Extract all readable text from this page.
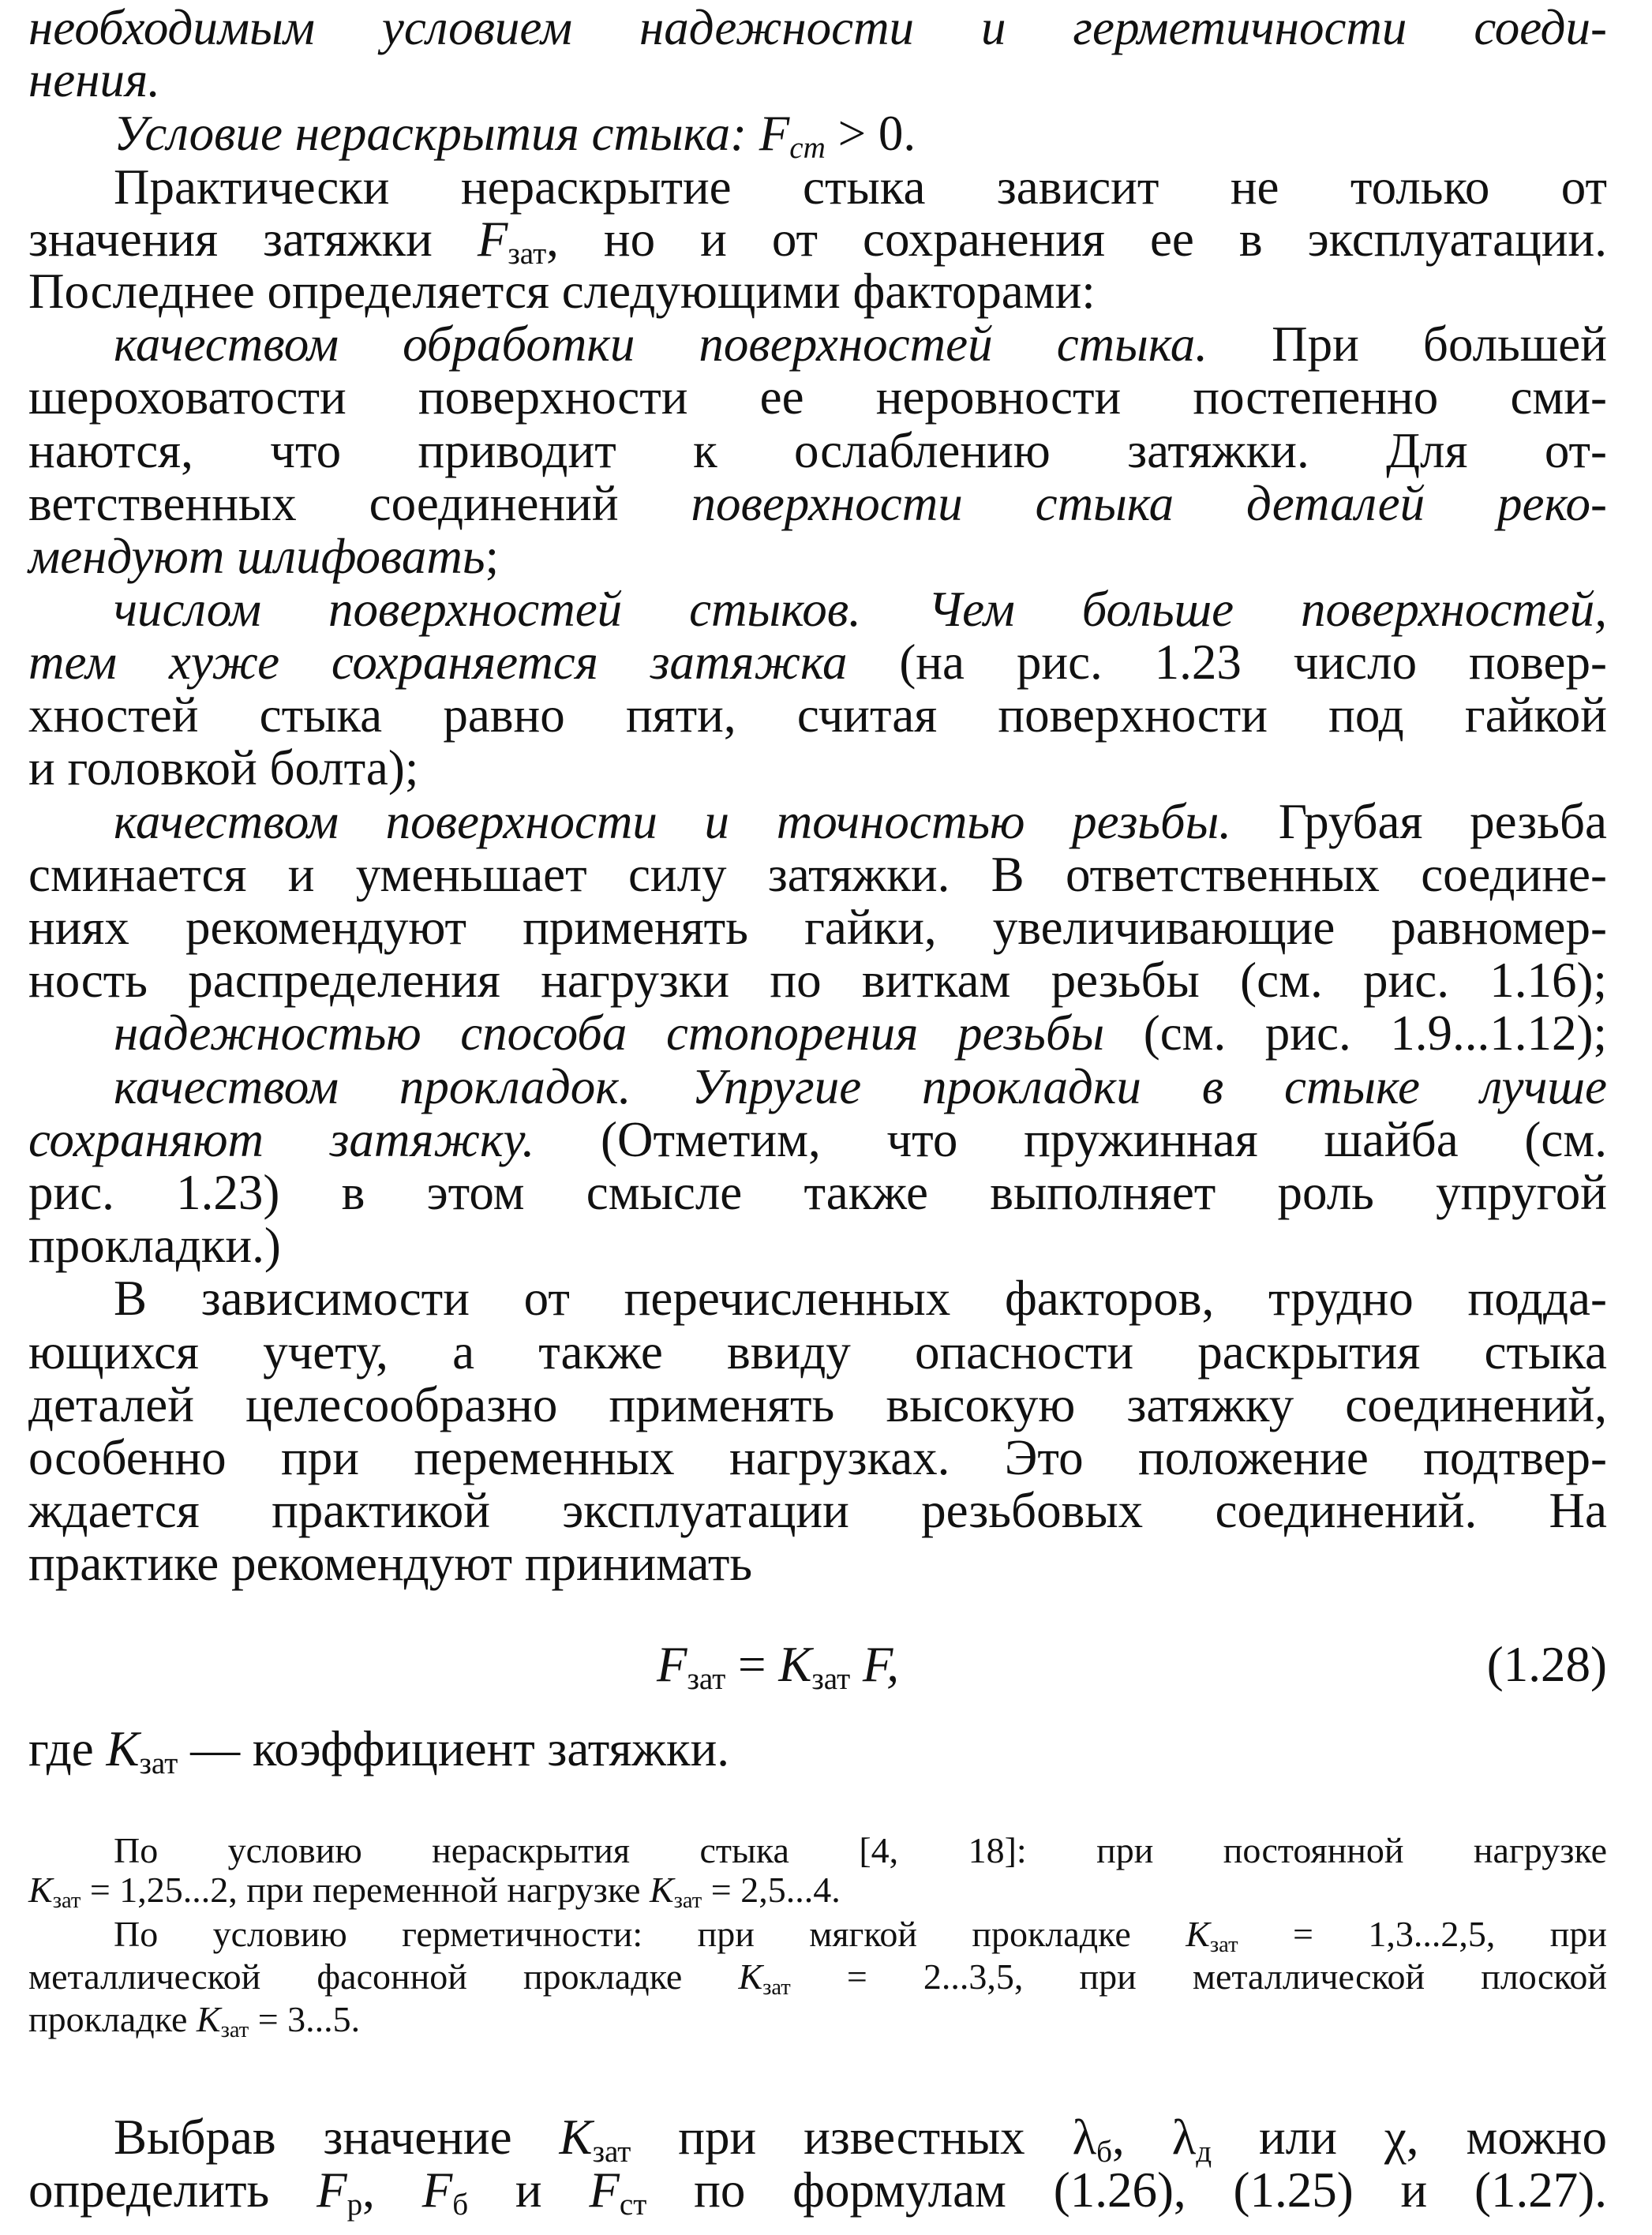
необходимым условием надежности и герметичности соеди-
нения.
Условие нераскрытия стыка: $F_{ст} > 0$.
Практически нераскрытие стыка зависит не только от
значения затяжки $F_{зат}$, но и от сохранения ее в эксплуатации.
Последнее определяется следующими факторами:
качеством обработки поверхностей стыка. При большей
шероховатости поверхности ее неровности постепенно сми-
наются, что приводит к ослаблению затяжки. Для от-
ветственных соединений поверхности стыка деталей реко-
мендуют шлифовать;
числом поверхностей стыков. Чем больше поверхностей,
тем хуже сохраняется затяжка (на рис. 1.23 число повер-
хностей стыка равно пяти, считая поверхности под гайкой
и головкой болта);
качеством поверхности и точностью резьбы. Грубая резьба
сминается и уменьшает силу затяжки. В ответственных соедине-
ниях рекомендуют применять гайки, увеличивающие равномер-
ность распределения нагрузки по виткам резьбы (см. рис. 1.16);
надежностью способа стопорения резьбы (см. рис. 1.9...1.12);
качеством прокладок. Упругие прокладки в стыке лучше
сохраняют затяжку. (Отметим, что пружинная шайба (см.
рис. 1.23) в этом смысле также выполняет роль упругой
прокладки.)
В зависимости от перечисленных факторов, трудно подда-
ющихся учету, а также ввиду опасности раскрытия стыка
деталей целесообразно применять высокую затяжку соединений,
особенно при переменных нагрузках. Это положение подтвер-
ждается практикой эксплуатации резьбовых соединений. На
практике рекомендуют принимать
$F_{зат} = K_{зат}$ F,	(1.28)
где $K_{зат}$ — коэффициент затяжки.
По условию нераскрытия стыка [4, 18]: при постоянной нагрузке
$K_{зат} = 1,25...2$, при переменной нагрузке $K_{зат} = 2,5...4$.
По условию герметичности: при мягкой прокладке $K_{зат} = 1,3...2,5$, при
металлической фасонной прокладке $K_{зат} = 2...3,5$, при металлической плоской
прокладке $K_{зат} = 3...5$.
Выбрав значение $K_{зат}$ при известных $\lambda_б$, $\lambda_д$ или χ, можно
определить $F_р$, $F_б$ и $F_{ст}$ по формулам (1.26), (1.25) и (1.27).
